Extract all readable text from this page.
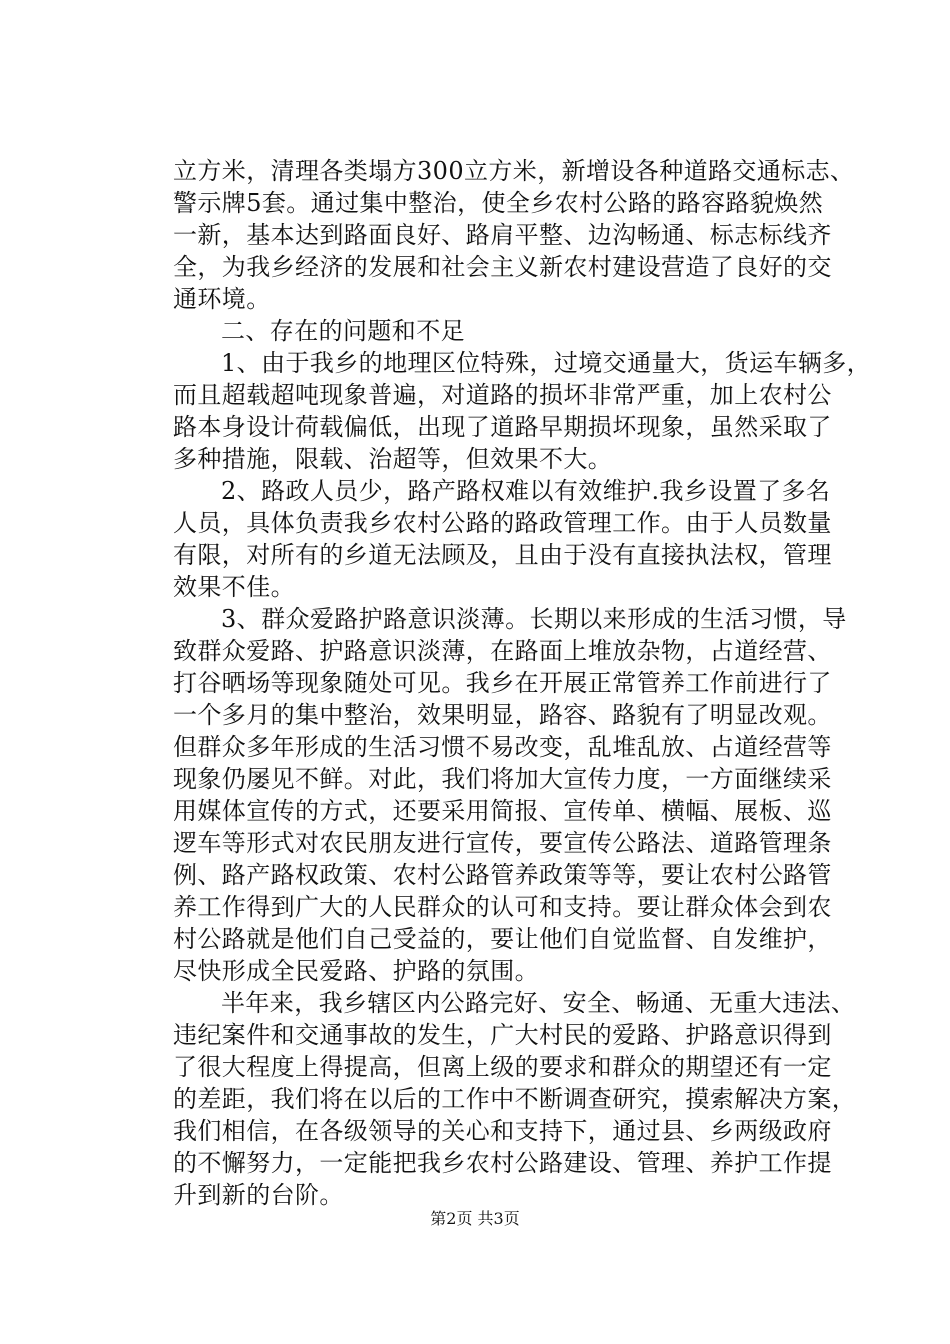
立方米，清理各类塌方300立方米，新增设各种道路交通标志、
警示牌5套。通过集中整治，使全乡农村公路的路容路貌焕然
一新，基本达到路面良好、路肩平整、边沟畅通、标志标线齐
全，为我乡经济的发展和社会主义新农村建设营造了良好的交
通环境。
二、存在的问题和不足
1、由于我乡的地理区位特殊，过境交通量大，货运车辆多，
而且超载超吨现象普遍，对道路的损坏非常严重，加上农村公
路本身设计荷载偏低，出现了道路早期损坏现象，虽然采取了
多种措施，限载、治超等，但效果不大。
2、路政人员少，路产路权难以有效维护.我乡设置了多名
人员，具体负责我乡农村公路的路政管理工作。由于人员数量
有限，对所有的乡道无法顾及，且由于没有直接执法权，管理
效果不佳。
3、群众爱路护路意识淡薄。长期以来形成的生活习惯，导
致群众爱路、护路意识淡薄，在路面上堆放杂物，占道经营、
打谷晒场等现象随处可见。我乡在开展正常管养工作前进行了
一个多月的集中整治，效果明显，路容、路貌有了明显改观。
但群众多年形成的生活习惯不易改变，乱堆乱放、占道经营等
现象仍屡见不鲜。对此，我们将加大宣传力度，一方面继续采
用媒体宣传的方式，还要采用简报、宣传单、横幅、展板、巡
逻车等形式对农民朋友进行宣传，要宣传公路法、道路管理条
例、路产路权政策、农村公路管养政策等等，要让农村公路管
养工作得到广大的人民群众的认可和支持。要让群众体会到农
村公路就是他们自己受益的，要让他们自觉监督、自发维护，
尽快形成全民爱路、护路的氛围。
半年来，我乡辖区内公路完好、安全、畅通、无重大违法、
违纪案件和交通事故的发生，广大村民的爱路、护路意识得到
了很大程度上得提高，但离上级的要求和群众的期望还有一定
的差距，我们将在以后的工作中不断调查研究，摸索解决方案，
我们相信，在各级领导的关心和支持下，通过县、乡两级政府
的不懈努力，一定能把我乡农村公路建设、管理、养护工作提
升到新的台阶。
第2页 共3页
